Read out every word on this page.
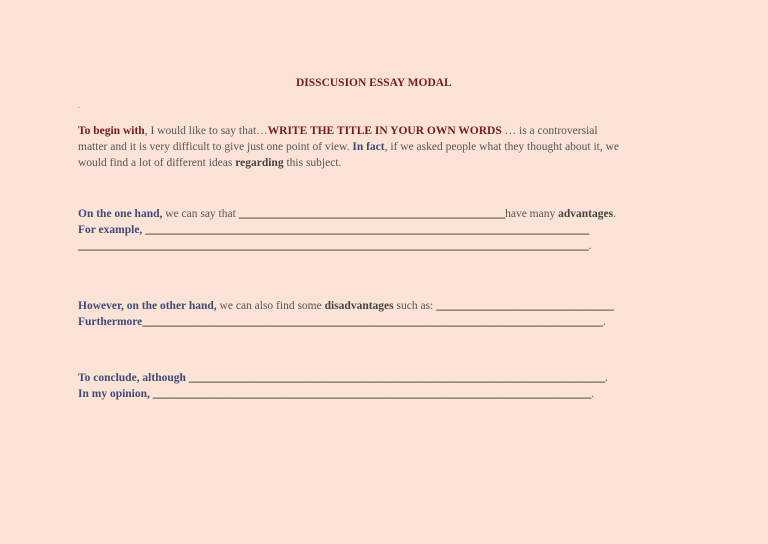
DISSCUSION ESSAY MODAL
.
To begin with, I would like to say that…WRITE THE TITLE IN YOUR OWN WORDS … is a controversial
matter and it is very difficult to give just one point of view. In fact, if we asked people what they thought about it, we
would find a lot of different ideas regarding this subject.
On the one hand, we can say that ________________________________________________have many advantages.
For example, ________________________________________________________________________________
____________________________________________________________________________________________.
However, on the other hand, we can also find some disadvantages such as: ________________________________
Furthermore___________________________________________________________________________________.
To conclude, although ___________________________________________________________________________.
In my opinion, _______________________________________________________________________________.
